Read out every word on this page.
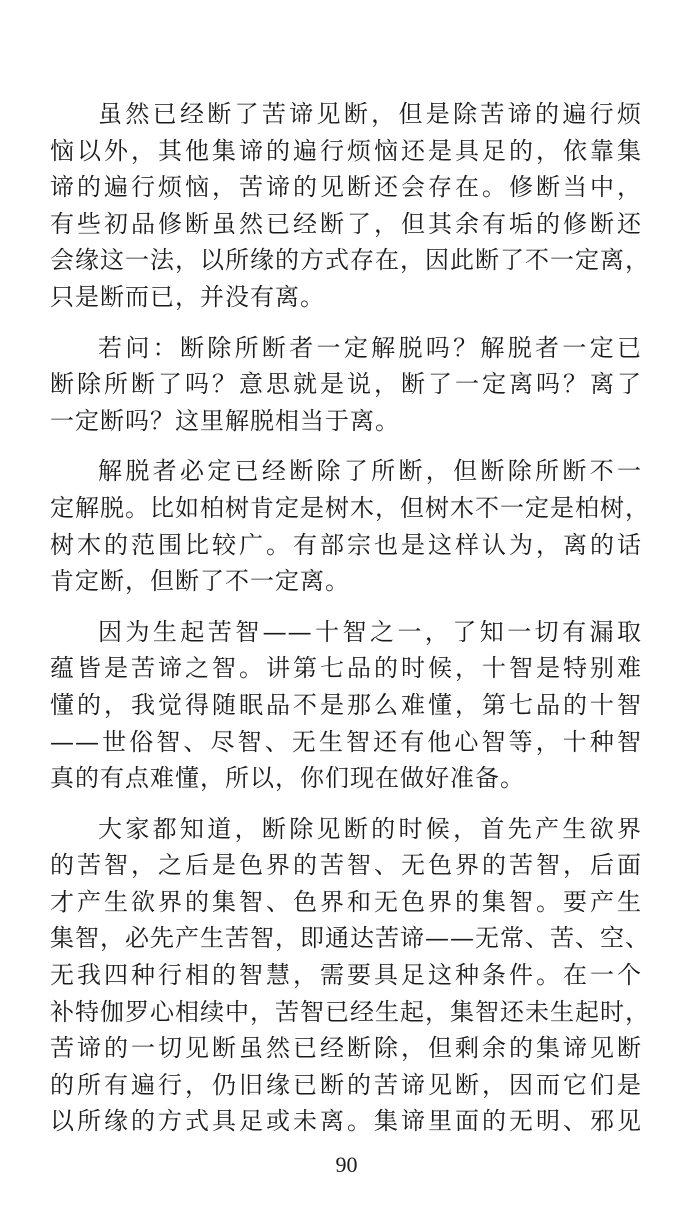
虽然已经断了苦谛见断，但是除苦谛的遍行烦
恼以外，其他集谛的遍行烦恼还是具足的，依靠集
谛的遍行烦恼，苦谛的见断还会存在。修断当中，
有些初品修断虽然已经断了，但其余有垢的修断还
会缘这一法，以所缘的方式存在，因此断了不一定离，
只是断而已，并没有离。
若问：断除所断者一定解脱吗？解脱者一定已
断除所断了吗？意思就是说，断了一定离吗？离了
一定断吗？这里解脱相当于离。
解脱者必定已经断除了所断，但断除所断不一
定解脱。比如柏树肯定是树木，但树木不一定是柏树，
树木的范围比较广。有部宗也是这样认为，离的话
肯定断，但断了不一定离。
因为生起苦智——十智之一，了知一切有漏取
蕴皆是苦谛之智。讲第七品的时候，十智是特别难
懂的，我觉得随眠品不是那么难懂，第七品的十智
——世俗智、尽智、无生智还有他心智等，十种智
真的有点难懂，所以，你们现在做好准备。
大家都知道，断除见断的时候，首先产生欲界
的苦智，之后是色界的苦智、无色界的苦智，后面
才产生欲界的集智、色界和无色界的集智。要产生
集智，必先产生苦智，即通达苦谛——无常、苦、空、
无我四种行相的智慧，需要具足这种条件。在一个
补特伽罗心相续中，苦智已经生起，集智还未生起时，
苦谛的一切见断虽然已经断除，但剩余的集谛见断
的所有遍行，仍旧缘已断的苦谛见断，因而它们是
以所缘的方式具足或未离。集谛里面的无明、邪见
90
